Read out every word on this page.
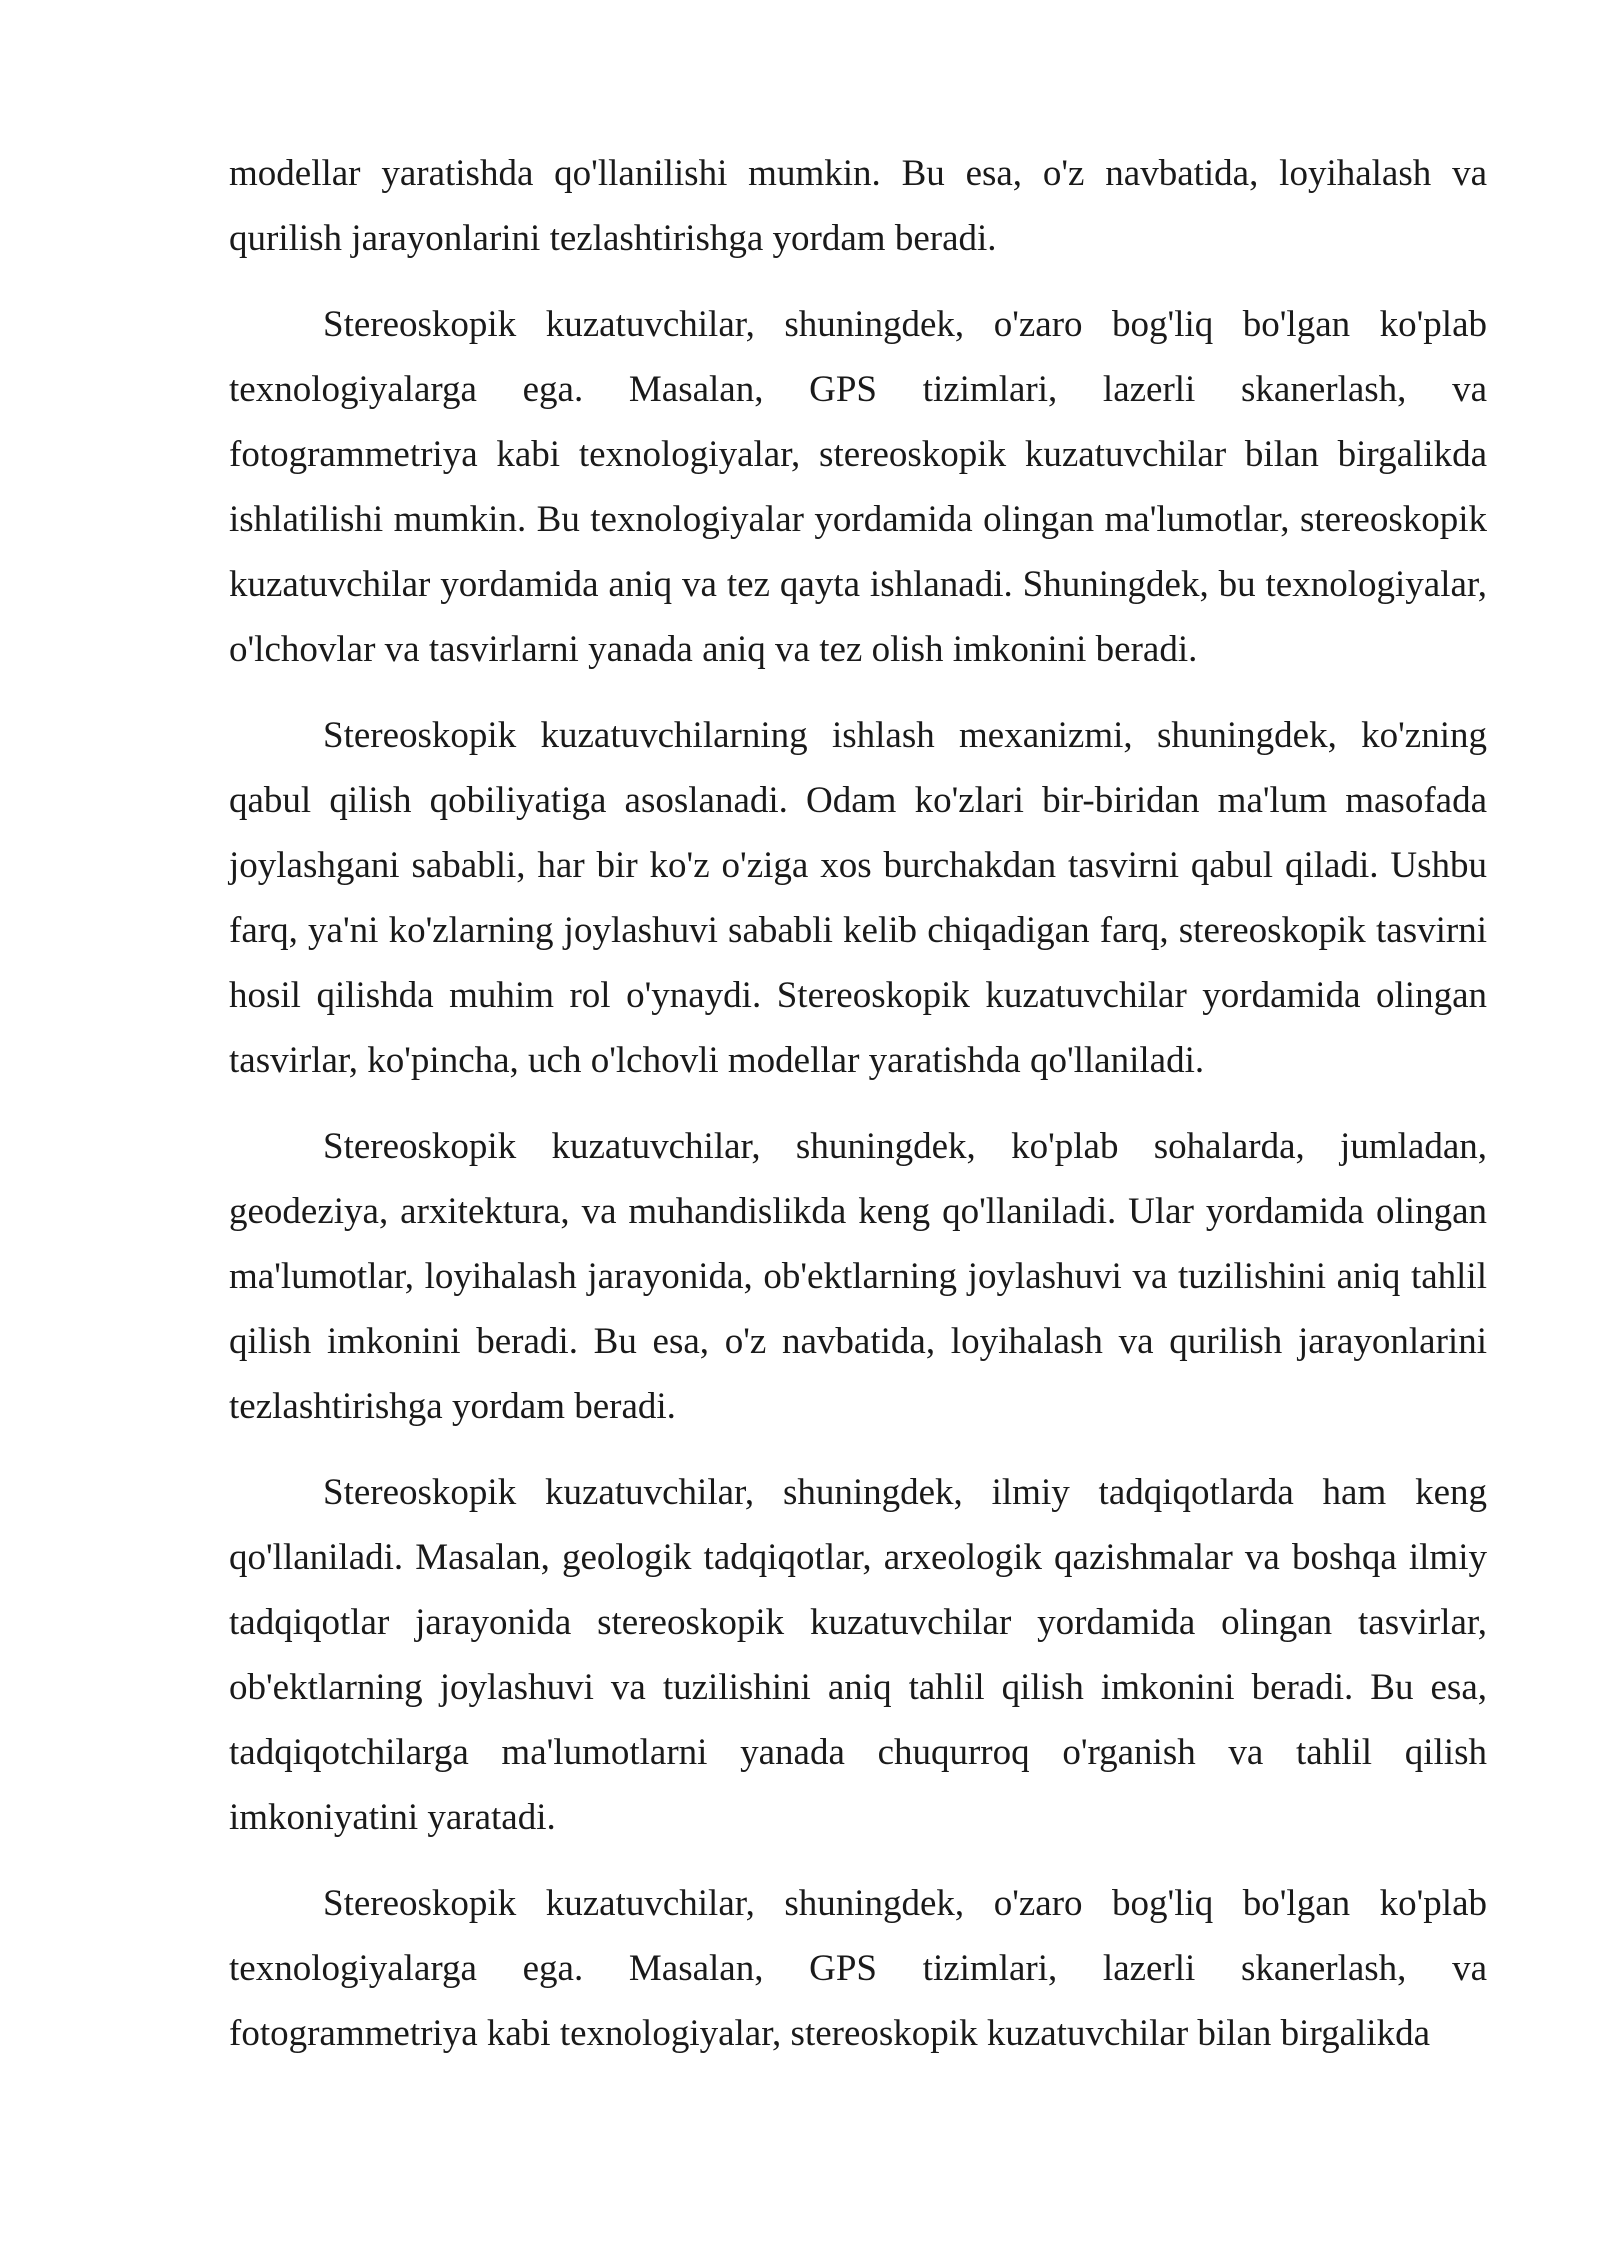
modellar yaratishda qo'llanilishi mumkin. Bu esa, o'z navbatida, loyihalash va qurilish jarayonlarini tezlashtirishga yordam beradi.

Stereoskopik kuzatuvchilar, shuningdek, o'zaro bog'liq bo'lgan ko'plab texnologiyalarga ega. Masalan, GPS tizimlari, lazerli skanerlash, va fotogrammetriya kabi texnologiyalar, stereoskopik kuzatuvchilar bilan birgalikda ishlatilishi mumkin. Bu texnologiyalar yordamida olingan ma'lumotlar, stereoskopik kuzatuvchilar yordamida aniq va tez qayta ishlanadi. Shuningdek, bu texnologiyalar, o'lchovlar va tasvirlarni yanada aniq va tez olish imkonini beradi.

Stereoskopik kuzatuvchilarning ishlash mexanizmi, shuningdek, ko'zning qabul qilish qobiliyatiga asoslanadi. Odam ko'zlari bir-biridan ma'lum masofada joylashgani sababli, har bir ko'z o'ziga xos burchakdan tasvirni qabul qiladi. Ushbu farq, ya'ni ko'zlarning joylashuvi sababli kelib chiqadigan farq, stereoskopik tasvirni hosil qilishda muhim rol o'ynaydi. Stereoskopik kuzatuvchilar yordamida olingan tasvirlar, ko'pincha, uch o'lchovli modellar yaratishda qo'llaniladi.

Stereoskopik kuzatuvchilar, shuningdek, ko'plab sohalarda, jumladan, geodeziya, arxitektura, va muhandislikda keng qo'llaniladi. Ular yordamida olingan ma'lumotlar, loyihalash jarayonida, ob'ektlarning joylashuvi va tuzilishini aniq tahlil qilish imkonini beradi. Bu esa, o'z navbatida, loyihalash va qurilish jarayonlarini tezlashtirishga yordam beradi.

Stereoskopik kuzatuvchilar, shuningdek, ilmiy tadqiqotlarda ham keng qo'llaniladi. Masalan, geologik tadqiqotlar, arxeologik qazishmalar va boshqa ilmiy tadqiqotlar jarayonida stereoskopik kuzatuvchilar yordamida olingan tasvirlar, ob'ektlarning joylashuvi va tuzilishini aniq tahlil qilish imkonini beradi. Bu esa, tadqiqotchilarga ma'lumotlarni yanada chuqurroq o'rganish va tahlil qilish imkoniyatini yaratadi.

Stereoskopik kuzatuvchilar, shuningdek, o'zaro bog'liq bo'lgan ko'plab texnologiyalarga ega. Masalan, GPS tizimlari, lazerli skanerlash, va fotogrammetriya kabi texnologiyalar, stereoskopik kuzatuvchilar bilan birgalikda
